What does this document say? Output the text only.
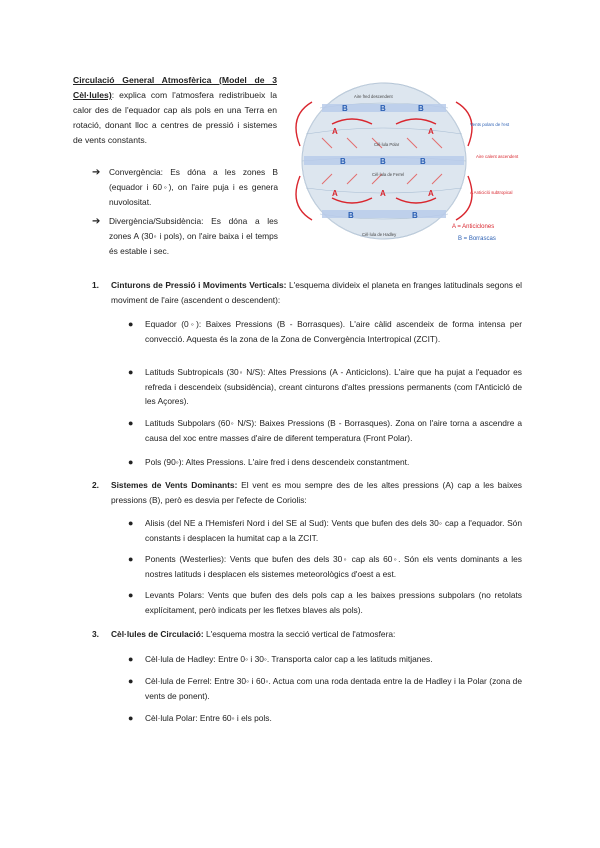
Circulació General Atmosfèrica (Model de 3 Cèl·lules): explica com l'atmosfera redistribueix la calor des de l'equador cap als pols en una Terra en rotació, donant lloc a centres de pressió i sistemes de vents constants.
➔	Convergència: Es dóna a les zones B (equador i 60◦), on l'aire puja i es genera nuvolositat.
➔	Divergència/Subsidència: Es dóna a les zones A (30◦ i pols), on l'aire baixa i el temps és estable i sec.
B	B	B
A	A
B	B	B
A	A	A
B	B
Aire fred descendent
Cèl·lula Polar
Cèl·lula de Ferrel
Cèl·lula de Hadley
Vents polars de l'est
Aire calent ascendent
A Anticicló subtropical
A = Anticiclones
B = Borrascas
1.	Cinturons de Pressió i Moviments Verticals: L'esquema divideix el planeta en franges latitudinals segons el moviment de l'aire (ascendent o descendent):
●	Equador (0◦): Baixes Pressions (B - Borrasques). L'aire càlid ascendeix de forma intensa per convecció. Aquesta és la zona de la Zona de Convergència Intertropical (ZCIT).
●	Latituds Subtropicals (30◦ N/S): Altes Pressions (A - Anticiclons). L'aire que ha pujat a l'equador es refreda i descendeix (subsidència), creant cinturons d'altes pressions permanents (com l'Anticicló de les Açores).
●	Latituds Subpolars (60◦ N/S): Baixes Pressions (B - Borrasques). Zona on l'aire torna a ascendre a causa del xoc entre masses d'aire de diferent temperatura (Front Polar).
●	Pols (90◦): Altes Pressions. L'aire fred i dens descendeix constantment.
2.	Sistemes de Vents Dominants: El vent es mou sempre des de les altes pressions (A) cap a les baixes pressions (B), però es desvia per l'efecte de Coriolis:
●	Alisis (del NE a l'Hemisferi Nord i del SE al Sud): Vents que bufen des dels 30◦ cap a l'equador. Són constants i desplacen la humitat cap a la ZCIT.
●	Ponents (Westerlies): Vents que bufen des dels 30◦ cap als 60◦. Són els vents dominants a les nostres latituds i desplacen els sistemes meteorològics d'oest a est.
●	Levants Polars: Vents que bufen des dels pols cap a les baixes pressions subpolars (no retolats explícitament, però indicats per les fletxes blaves als pols).
3.	Cèl·lules de Circulació: L'esquema mostra la secció vertical de l'atmosfera:
●	Cèl·lula de Hadley: Entre 0◦ i 30◦. Transporta calor cap a les latituds mitjanes.
●	Cèl·lula de Ferrel: Entre 30◦ i 60◦. Actua com una roda dentada entre la de Hadley i la Polar (zona de vents de ponent).
●	Cèl·lula Polar: Entre 60◦ i els pols.
